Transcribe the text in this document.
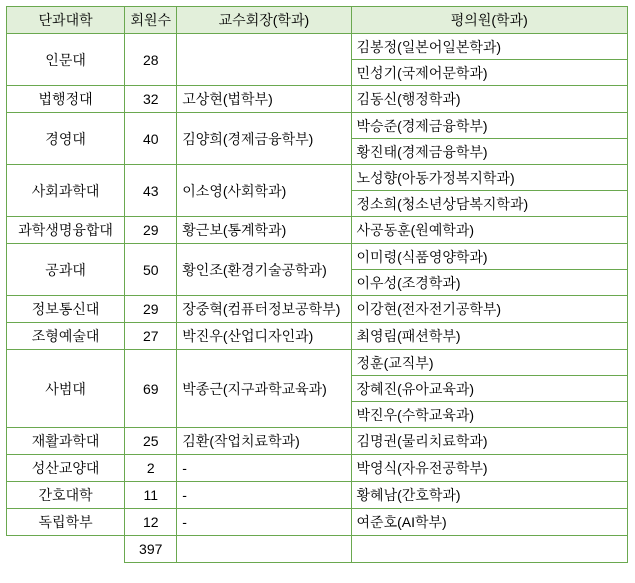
단과대학	회원수	교수회장(학과)	평의원(학과)
인문대	28		김봉정(일본어일본학과)
			민성기(국제어문학과)
법행정대	32	고상현(법학부)	김동신(행정학과)
경영대	40	김양희(경제금융학부)	박승준(경제금융학부)
			황진태(경제금융학부)
사회과학대	43	이소영(사회학과)	노성향(아동가정복지학과)
			정소희(청소년상담복지학과)
과학생명융합대	29	황근보(통계학과)	사공동훈(원예학과)
공과대	50	황인조(환경기술공학과)	이미령(식품영양학과)
			이우성(조경학과)
정보통신대	29	장중혁(컴퓨터정보공학부)	이강현(전자전기공학부)
조형예술대	27	박진우(산업디자인과)	최영림(패션학부)
사범대	69	박종근(지구과학교육과)	정훈(교직부)
			장혜진(유아교육과)
			박진우(수학교육과)
재활과학대	25	김환(작업치료학과)	김명권(물리치료학과)
성산교양대	2	-	박영식(자유전공학부)
간호대학	11	-	황혜남(간호학과)
독립학부	12	-	여준호(AI학부)
	397		
